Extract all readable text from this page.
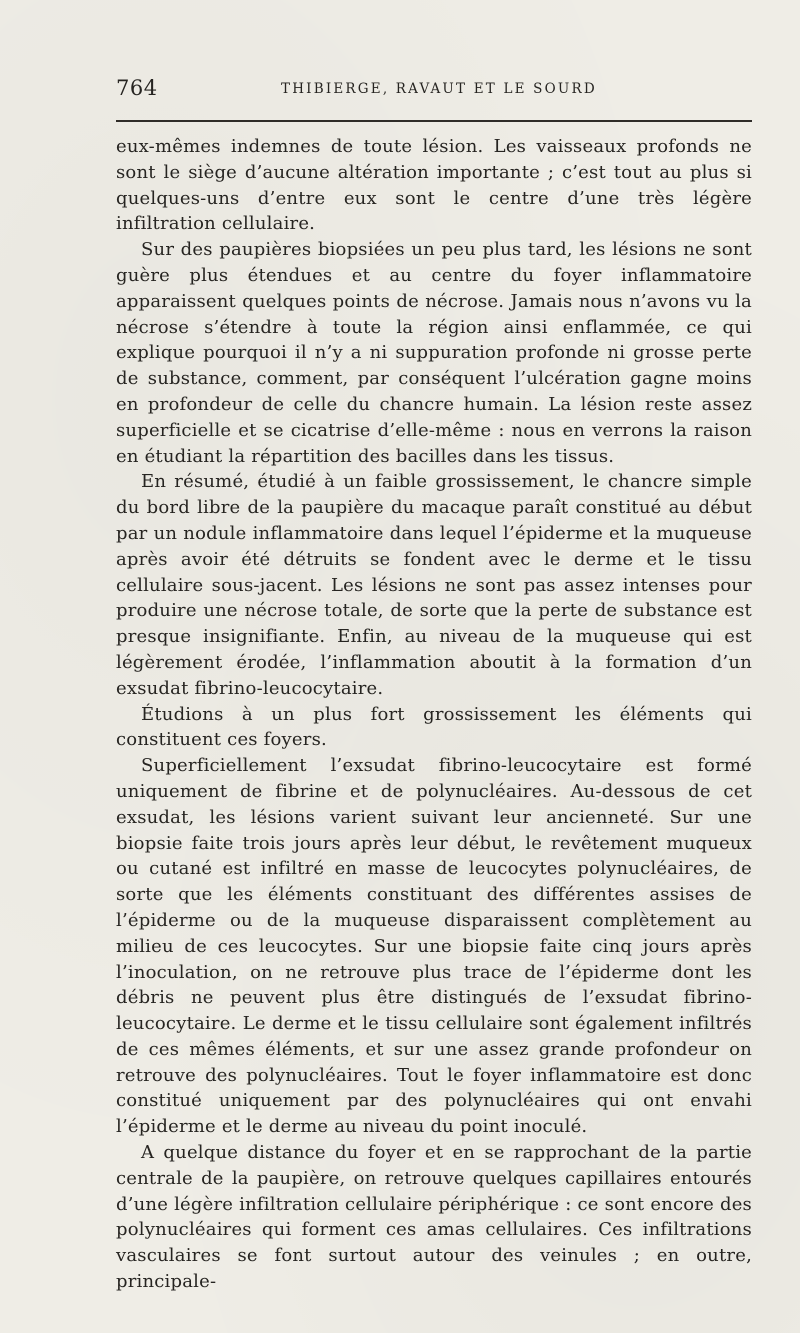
764	THIBIERGE, RAVAUT ET LE SOURD

eux-mêmes indemnes de toute lésion. Les vaisseaux profonds ne sont le siège d’aucune altération importante ; c’est tout au plus si quelques-uns d’entre eux sont le centre d’une très légère infiltration cellulaire.

Sur des paupières biopsiées un peu plus tard, les lésions ne sont guère plus étendues et au centre du foyer inflammatoire apparaissent quelques points de nécrose. Jamais nous n’avons vu la nécrose s’étendre à toute la région ainsi enflammée, ce qui explique pourquoi il n’y a ni suppuration profonde ni grosse perte de substance, comment, par conséquent l’ulcération gagne moins en profondeur de celle du chancre humain. La lésion reste assez superficielle et se cicatrise d’elle-même : nous en verrons la raison en étudiant la répartition des bacilles dans les tissus.

En résumé, étudié à un faible grossissement, le chancre simple du bord libre de la paupière du macaque paraît constitué au début par un nodule inflammatoire dans lequel l’épiderme et la muqueuse après avoir été détruits se fondent avec le derme et le tissu cellulaire sous-jacent. Les lésions ne sont pas assez intenses pour produire une nécrose totale, de sorte que la perte de substance est presque insignifiante. Enfin, au niveau de la muqueuse qui est légèrement érodée, l’inflammation aboutit à la formation d’un exsudat fibrino-leucocytaire.

Étudions à un plus fort grossissement les éléments qui constituent ces foyers.

Superficiellement l’exsudat fibrino-leucocytaire est formé uniquement de fibrine et de polynucléaires. Au-dessous de cet exsudat, les lésions varient suivant leur ancienneté. Sur une biopsie faite trois jours après leur début, le revêtement muqueux ou cutané est infiltré en masse de leucocytes polynucléaires, de sorte que les éléments constituant des différentes assises de l’épiderme ou de la muqueuse disparaissent complètement au milieu de ces leucocytes. Sur une biopsie faite cinq jours après l’inoculation, on ne retrouve plus trace de l’épiderme dont les débris ne peuvent plus être distingués de l’exsudat fibrino-leucocytaire. Le derme et le tissu cellulaire sont également infiltrés de ces mêmes éléments, et sur une assez grande profondeur on retrouve des polynucléaires. Tout le foyer inflammatoire est donc constitué uniquement par des polynucléaires qui ont envahi l’épiderme et le derme au niveau du point inoculé.

A quelque distance du foyer et en se rapprochant de la partie centrale de la paupière, on retrouve quelques capillaires entourés d’une légère infiltration cellulaire périphérique : ce sont encore des polynucléaires qui forment ces amas cellulaires. Ces infiltrations vasculaires se font surtout autour des veinules ; en outre, principale-
